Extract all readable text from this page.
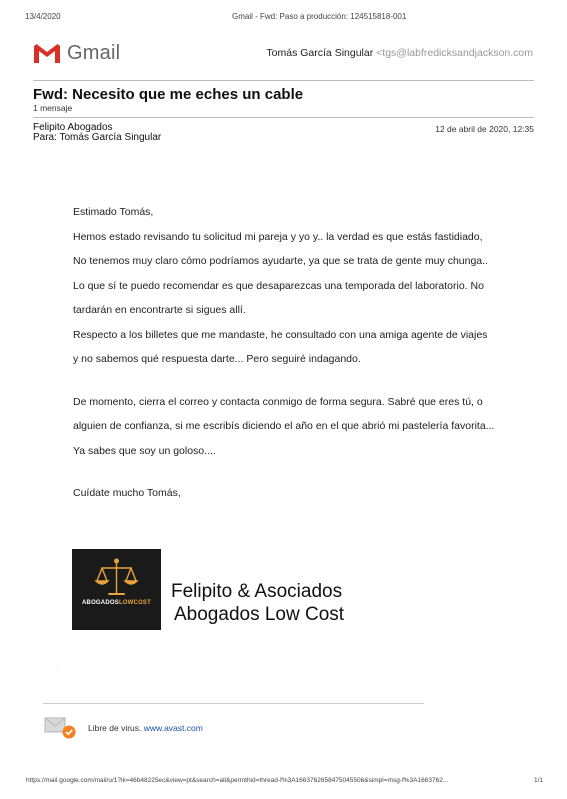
13/4/2020	Gmail - Fwd: Paso a producción: 124515818-001
Gmail	Tomás García Singular <tgs@labfredicksandjackson.com
Fwd: Necesito que me eches un cable
1 mensaje
Felipito Abogados
Para: Tomás García Singular
12 de abril de 2020, 12:35

Estimado Tomás,

Hemos estado revisando tu solicitud mi pareja y yo y.. la verdad es que estás fastidiado,

No tenemos muy claro cómo podríamos ayudarte, ya que se trata de gente muy chunga..

Lo que sí te puedo recomendar es que desaparezcas una temporada del laboratorio. No

tardarán en encontrarte si sigues allí.

Respecto a los billetes que me mandaste, he consultado con una amiga agente de viajes

y no sabemos qué respuesta darte... Pero seguiré indagando.

De momento, cierra el correo y contacta conmigo de forma segura. Sabré que eres tú, o

alguien de confianza, si me escribís diciendo el año en el que abrió mi pastelería favorita...

Ya sabes que soy un goloso....

Cuídate mucho Tomás,

ABOGADOSLOWCOST
Felipito & Asociados
Abogados Low Cost
·
Libre de virus. www.avast.com
https://mail.google.com/mail/u/1?ik=46b48225ec&view=pt&search=all&permthid=thread-f%3A1663762658475045506&simpl=msg-f%3A1663762...	1/1
